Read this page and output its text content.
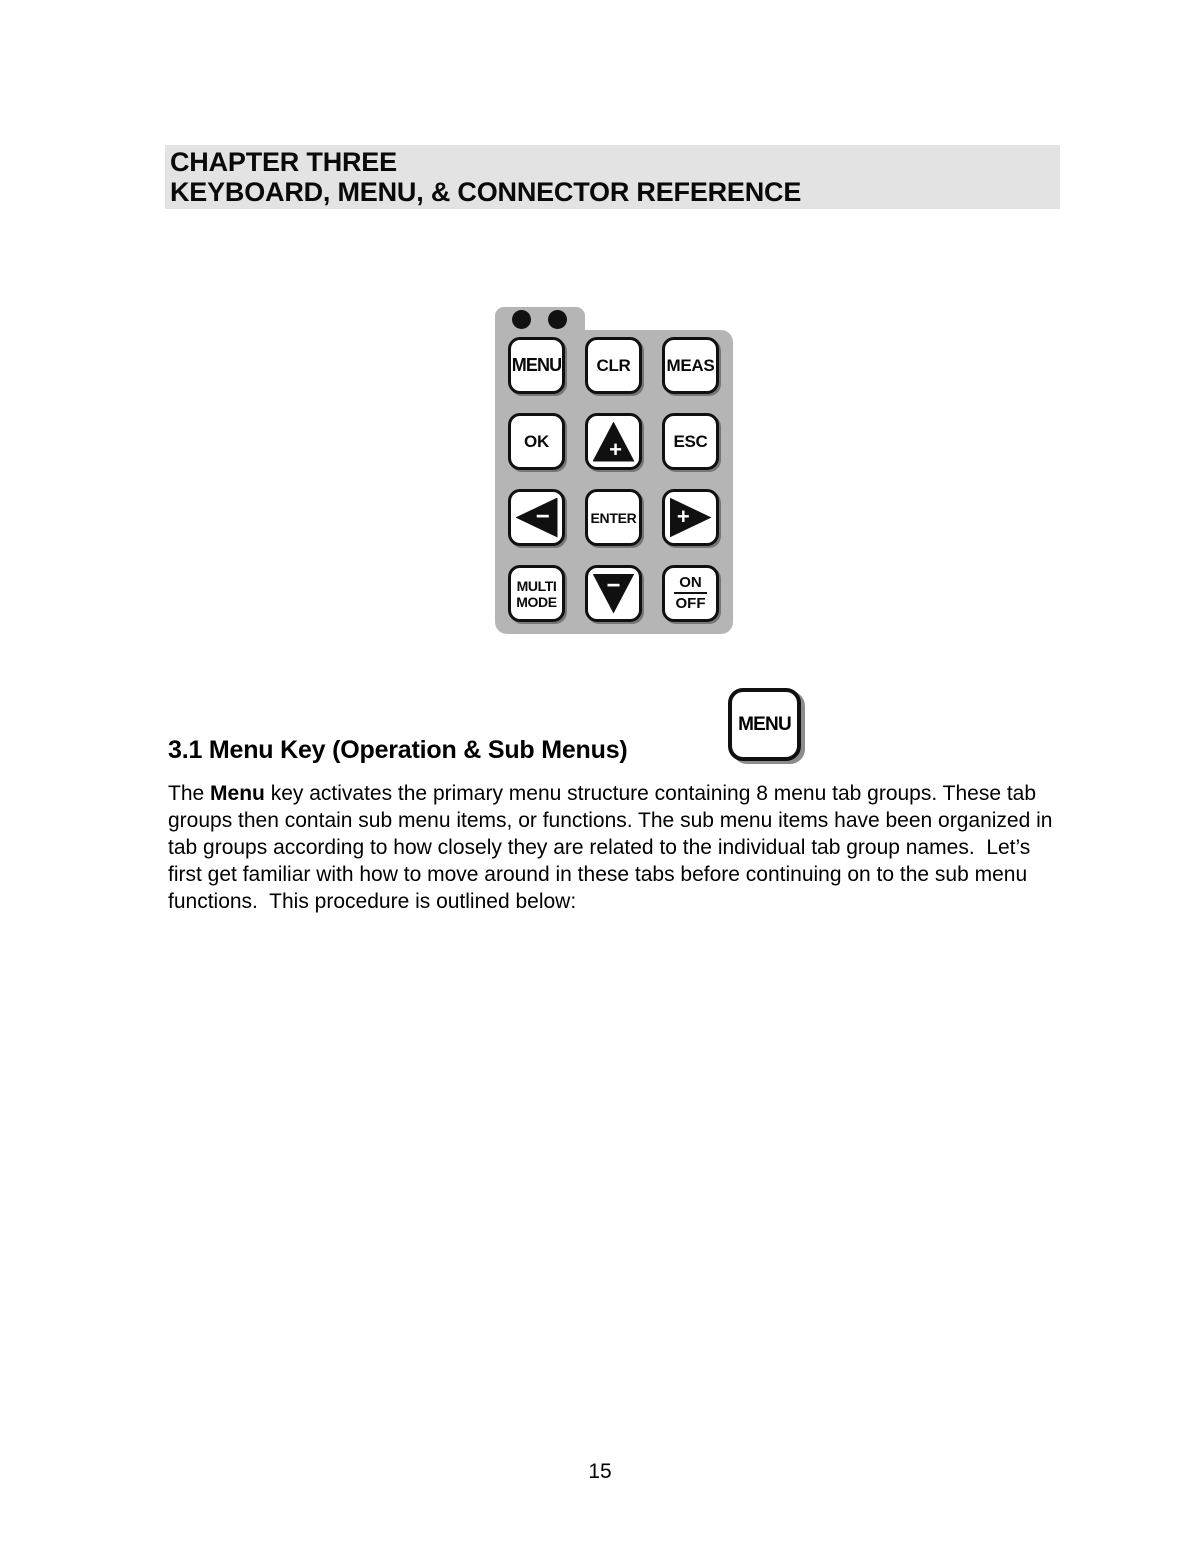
CHAPTER THREE
KEYBOARD, MENU, & CONNECTOR REFERENCE
MENU CLR MEAS
OK	+	ESC
−	ENTER +
MULTI
MODE
−	ON
OFF
MENU
3.1 Menu Key (Operation & Sub Menus)

The Menu key activates the primary menu structure containing 8 menu tab groups. These tab groups then contain sub menu items, or functions. The sub menu items have been organized in tab groups according to how closely they are related to the individual tab group names.  Let’s first get familiar with how to move around in these tabs before continuing on to the sub menu functions.  This procedure is outlined below:

15
